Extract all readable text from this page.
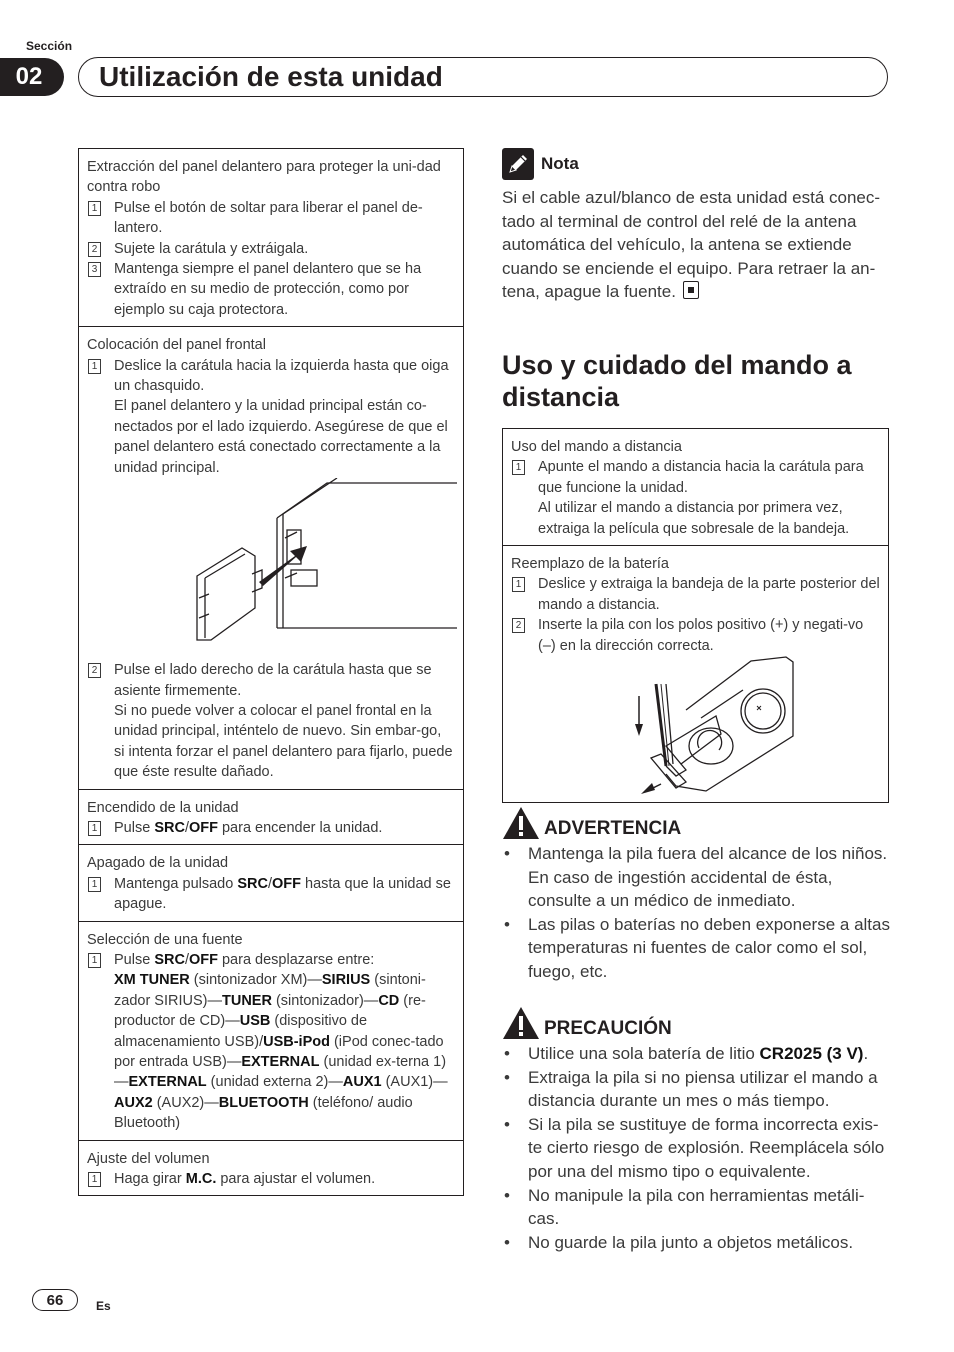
Sección
02	Utilización de esta unidad

Extracción del panel delantero para proteger la uni-dad contra robo

1 Pulse el botón de soltar para liberar el panel de-lantero.

2 Sujete la carátula y extráigala.

3 Mantenga siempre el panel delantero que se ha extraído en su medio de protección, como por ejemplo su caja protectora.

Colocación del panel frontal

1 Deslice la carátula hacia la izquierda hasta que oiga un chasquido.

El panel delantero y la unidad principal están co-nectados por el lado izquierdo. Asegúrese de que el panel delantero está conectado correctamente a la unidad principal.

2 Pulse el lado derecho de la carátula hasta que se asiente firmemente.

Si no puede volver a colocar el panel frontal en la unidad principal, inténtelo de nuevo. Sin embar-go, si intenta forzar el panel delantero para fijarlo, puede que éste resulte dañado.

Encendido de la unidad

1 Pulse SRC/OFF para encender la unidad.

Apagado de la unidad

1 Mantenga pulsado SRC/OFF hasta que la unidad se apague.

Selección de una fuente

1 Pulse SRC/OFF para desplazarse entre:

XM TUNER (sintonizador XM)—SIRIUS (sintoni-zador SIRIUS)—TUNER (sintonizador)—CD (re-productor de CD)—USB (dispositivo de almacenamiento USB)/USB-iPod (iPod conec-tado por entrada USB)—EXTERNAL (unidad ex-terna 1)—EXTERNAL (unidad externa 2)—AUX1 (AUX1)—AUX2 (AUX2)—BLUETOOTH (teléfono/ audio Bluetooth)

Ajuste del volumen

1 Haga girar M.C. para ajustar el volumen.

Nota

Si el cable azul/blanco de esta unidad está conec-tado al terminal de control del relé de la antena automática del vehículo, la antena se extiende cuando se enciende el equipo. Para retraer la an-tena, apague la fuente.

Uso y cuidado del mando a distancia

Uso del mando a distancia

1 Apunte el mando a distancia hacia la carátula para que funcione la unidad.

Al utilizar el mando a distancia por primera vez, extraiga la película que sobresale de la bandeja.

Reemplazo de la batería

1 Deslice y extraiga la bandeja de la parte posterior del mando a distancia.

2 Inserte la pila con los polos positivo (+) y negati-vo (–) en la dirección correcta.

ADVERTENCIA
• Mantenga la pila fuera del alcance de los niños. En caso de ingestión accidental de ésta, consulte a un médico de inmediato.
• Las pilas o baterías no deben exponerse a altas temperaturas ni fuentes de calor como el sol, fuego, etc.
PRECAUCIÓN
• Utilice una sola batería de litio CR2025 (3 V).
• Extraiga la pila si no piensa utilizar el mando a distancia durante un mes o más tiempo.
• Si la pila se sustituye de forma incorrecta exis-te cierto riesgo de explosión. Reemplácela sólo por una del mismo tipo o equivalente.
• No manipule la pila con herramientas metáli-cas.
• No guarde la pila junto a objetos metálicos.
66	Es
